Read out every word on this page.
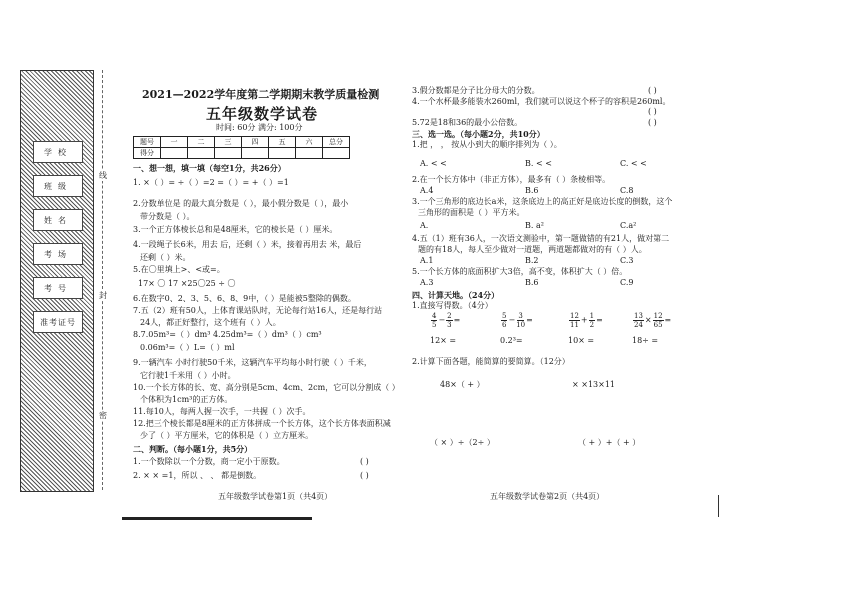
学校
班级
姓名
考场
考号
准考证号
线
封
密
2021—2022学年度第二学期期末教学质量检测
五年级数学试卷
时间: 60分 满分: 100分
题号	一	二	三	四	五	六	总分
得分							
一、想一想，填一填（每空1分，共26分）
1. ×（ ）= ÷（ ）=2 =（ ）= +（ ）=1
2.分数单位是 的最大真分数是（ ），最小假分数是（ ），最小
带分数是（ ）。
3.一个正方体棱长总和是48厘米，它的棱长是（ ）厘米。
4.一段绳子长6米，用去 后，还剩（ ）米，接着再用去 米，最后
还剩（ ）米。
5.在〇里填上>、<或=。
17× 〇 17 ×25〇25 ÷ 〇
6.在数字0、2、3、5、6、8、9中，（ ）是能被5整除的偶数。
7.五（2）班有50人，上体育课站队时，无论每行站16人，还是每行站
24人，都正好整行，这个班有（ ）人。
8.7.05m³=（ ）dm³ 4.25dm³=（ ）dm³（ ）cm³
0.06m³=（ ）L=（ ）ml
9.一辆汽车 小时行驶50千米，这辆汽车平均每小时行驶（ ）千米，
它行驶1千米用（ ）小时。
10.一个长方体的长、宽、高分别是5cm、4cm、2cm，它可以分割成（ ）
个体积为1cm³的正方体。
11.每10人，每两人握一次手，一共握（ ）次手。
12.把三个棱长都是8厘米的正方体拼成一个长方体，这个长方体表面积减
少了（ ）平方厘米，它的体积是（ ）立方厘米。
二、判断。（每小题1分，共5分）
1.一个数除以一个分数，商一定小于原数。	( )
2. × × =1，所以 、 、 都是倒数。	( )
五年级数学试卷第1页（共4页）
3.假分数都是分子比分母大的分数。	( )
4.一个水杯最多能装水260ml，我们就可以说这个杯子的容积是260ml。
( )
5.72是18和36的最小公倍数。	( )
三、选一选。（每小题2分，共10分）
1.把 ， ， 按从小到大的顺序排列为（ ）。
A. < <	B. < <	C. < <
2.在一个长方体中（非正方体），最多有（ ）条棱相等。
A.4	B.6	C.8
3.一个三角形的底边长a米，这条底边上的高正好是底边长度的倒数，这个
三角形的面积是（ ）平方米。
A.	B. a²	C.a²
4.五（1）班有36人，一次语文测验中，第一题做错的有21人，做对第二
题的有18人，每人至少做对一道题，两道题都做对的有（ ）人。
A.1	B.2	C.3
5.一个长方体的底面积扩大3倍，高不变，体积扩大（ ）倍。
A.3	B.6	C.9
四、计算天地。（24分）
1.直接写得数。（4分）
$\frac{4}{5} - \frac{2}{3}$ =	$\frac{5}{6} - \frac{3}{10}$ =	$\frac{12}{11} + \frac{1}{2}$ =	$\frac{13}{24} \times \frac{12}{65}$ =
12× =	0.2³=	10× =	18÷ =
2.计算下面各题，能简算的要简算。（12分）
48×（ + ）	× ×13×11
（ × ）÷（2÷ ）	（ + ）+（ + ）
五年级数学试卷第2页（共4页）
